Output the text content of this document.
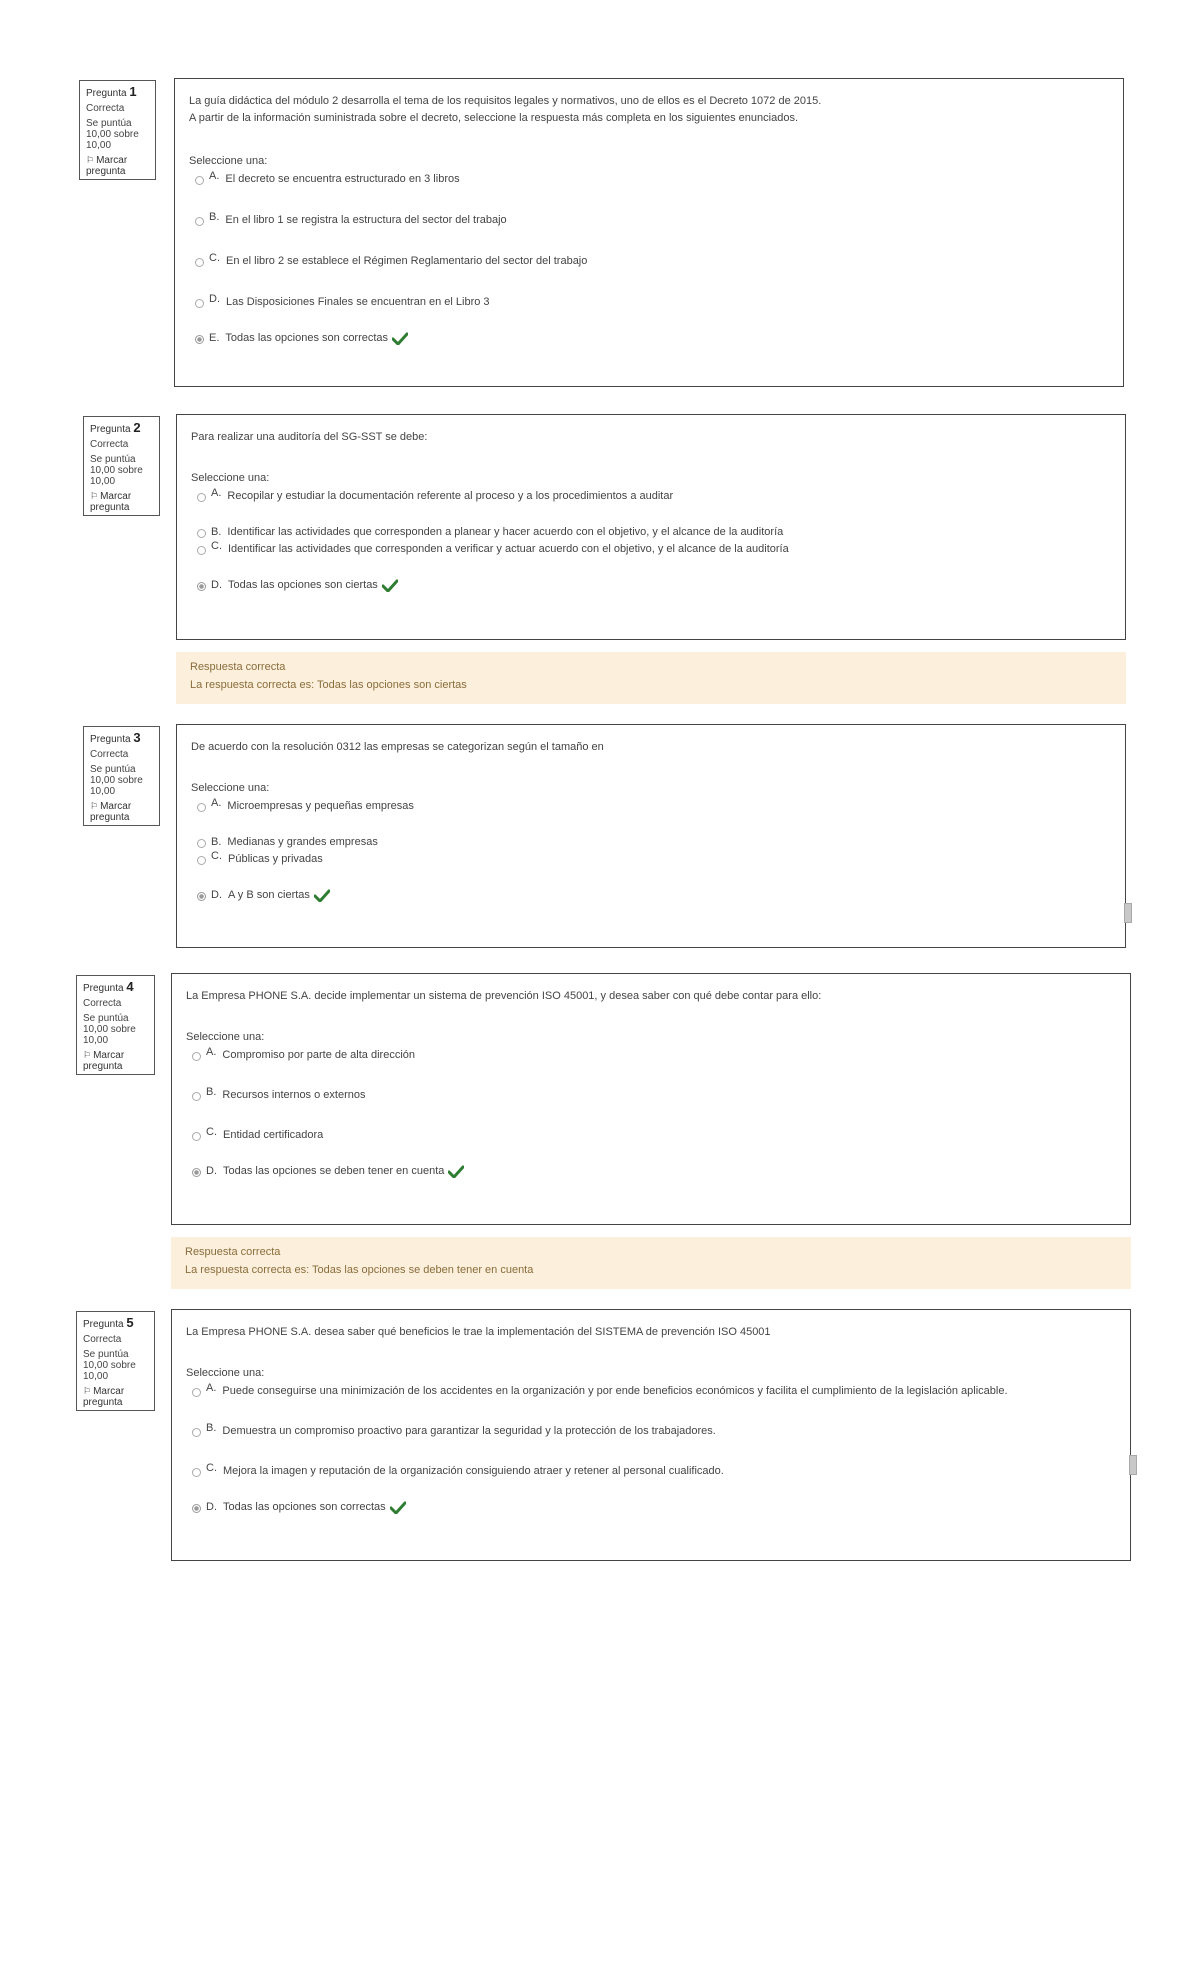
Pregunta 1
Correcta
Se puntúa 10,00 sobre 10,00
⚐ Marcar pregunta
La guía didáctica del módulo 2 desarrolla el tema de los requisitos legales y normativos, uno de ellos es el Decreto 1072 de 2015. A partir de la información suministrada sobre el decreto, seleccione la respuesta más completa en los siguientes enunciados.
Seleccione una:
A. El decreto se encuentra estructurado en 3 libros
B. En el libro 1 se registra la estructura del sector del trabajo
C. En el libro 2 se establece el Régimen Reglamentario del sector del trabajo
D. Las Disposiciones Finales se encuentran en el Libro 3
E. Todas las opciones son correctas
Pregunta 2
Correcta
Se puntúa 10,00 sobre 10,00
⚐ Marcar pregunta
Para realizar una auditoría del SG-SST se debe:
Seleccione una:
A. Recopilar y estudiar la documentación referente al proceso y a los procedimientos a auditar
B. Identificar las actividades que corresponden a planear y hacer acuerdo con el objetivo, y el alcance de la auditoría
C. Identificar las actividades que corresponden a verificar y actuar acuerdo con el objetivo, y el alcance de la auditoría
D. Todas las opciones son ciertas
Respuesta correcta
La respuesta correcta es: Todas las opciones son ciertas
Pregunta 3
Correcta
Se puntúa 10,00 sobre 10,00
⚐ Marcar pregunta
De acuerdo con la resolución 0312 las empresas se categorizan según el tamaño en
Seleccione una:
A. Microempresas y pequeñas empresas
B. Medianas y grandes empresas
C. Públicas y privadas
D. A y B son ciertas
Pregunta 4
Correcta
Se puntúa 10,00 sobre 10,00
⚐ Marcar pregunta
La Empresa PHONE S.A. decide implementar un sistema de prevención ISO 45001, y desea saber con qué debe contar para ello:
Seleccione una:
A. Compromiso por parte de alta dirección
B. Recursos internos o externos
C. Entidad certificadora
D. Todas las opciones se deben tener en cuenta
Respuesta correcta
La respuesta correcta es: Todas las opciones se deben tener en cuenta
Pregunta 5
Correcta
Se puntúa 10,00 sobre 10,00
⚐ Marcar pregunta
La Empresa PHONE S.A. desea saber qué beneficios le trae la implementación del SISTEMA de prevención ISO 45001
Seleccione una:
A. Puede conseguirse una minimización de los accidentes en la organización y por ende beneficios económicos y facilita el cumplimiento de la legislación aplicable.
B. Demuestra un compromiso proactivo para garantizar la seguridad y la protección de los trabajadores.
C. Mejora la imagen y reputación de la organización consiguiendo atraer y retener al personal cualificado.
D. Todas las opciones son correctas
